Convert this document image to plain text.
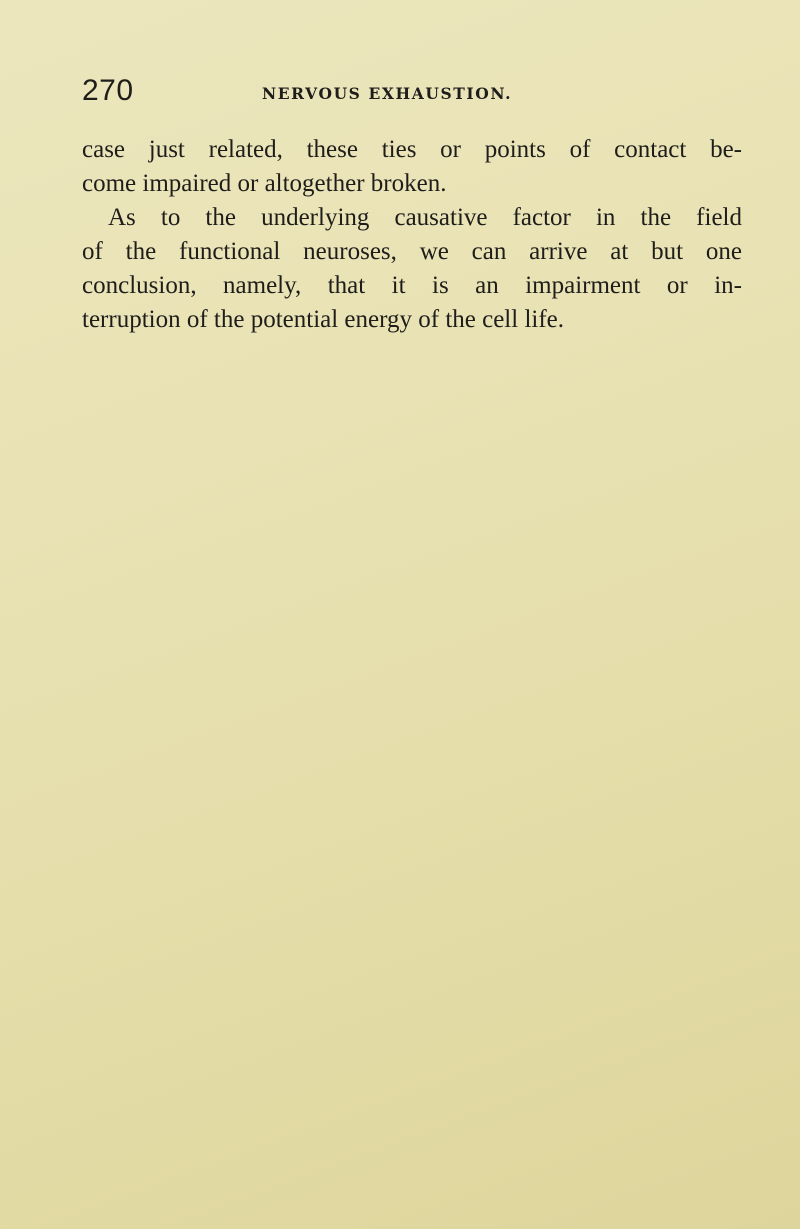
270	NERVOUS EXHAUSTION.
case just related, these ties or points of contact be-
come impaired or altogether broken.
As to the underlying causative factor in the field
of the functional neuroses, we can arrive at but one
conclusion, namely, that it is an impairment or in-
terruption of the potential energy of the cell life.
